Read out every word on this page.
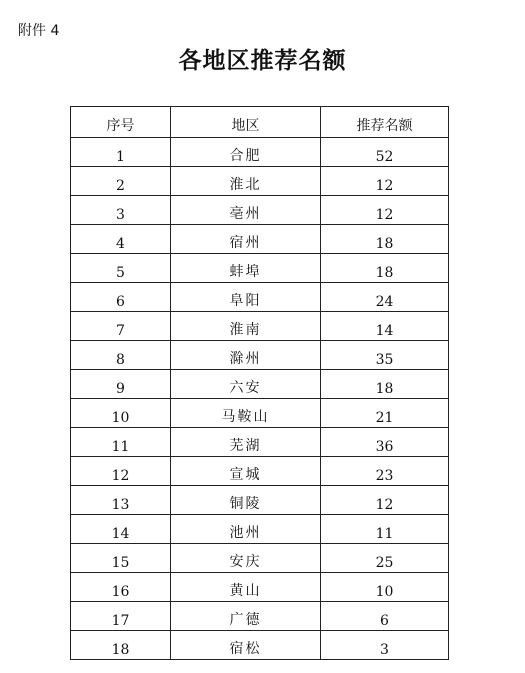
附件 4
各地区推荐名额
序号	地区	推荐名额
1	合肥	52
2	淮北	12
3	亳州	12
4	宿州	18
5	蚌埠	18
6	阜阳	24
7	淮南	14
8	滁州	35
9	六安	18
10	马鞍山	21
11	芜湖	36
12	宣城	23
13	铜陵	12
14	池州	11
15	安庆	25
16	黄山	10
17	广德	6
18	宿松	3
